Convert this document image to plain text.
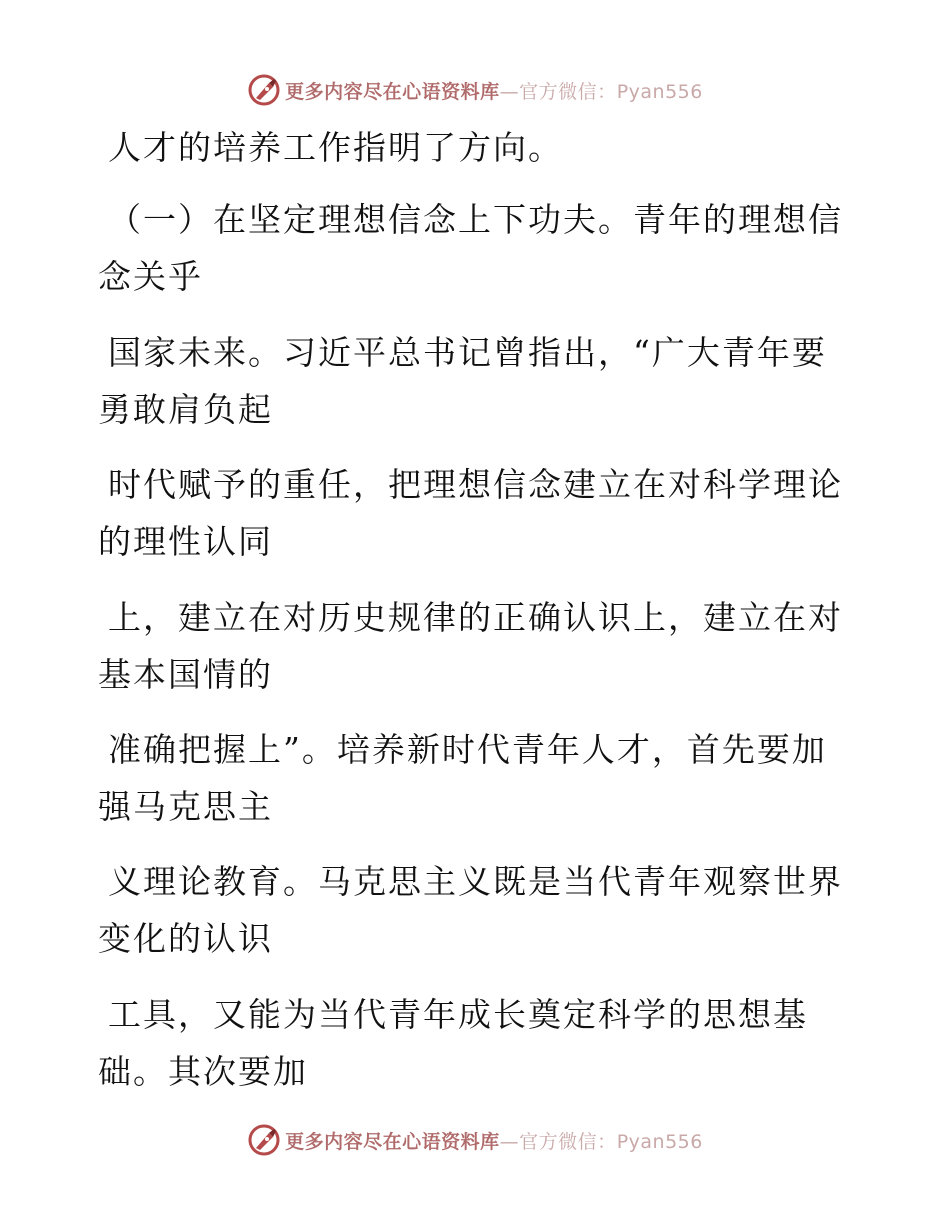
更多内容尽在心语资料库—官方微信：Pyan556
人才的培养工作指明了方向。
（一）在坚定理想信念上下功夫。青年的理想信
念关乎
国家未来。习近平总书记曾指出，“广大青年要
勇敢肩负起
时代赋予的重任，把理想信念建立在对科学理论
的理性认同
上，建立在对历史规律的正确认识上，建立在对
基本国情的
准确把握上”。培养新时代青年人才，首先要加
强马克思主
义理论教育。马克思主义既是当代青年观察世界
变化的认识
工具，又能为当代青年成长奠定科学的思想基
础。其次要加
更多内容尽在心语资料库—官方微信：Pyan556
